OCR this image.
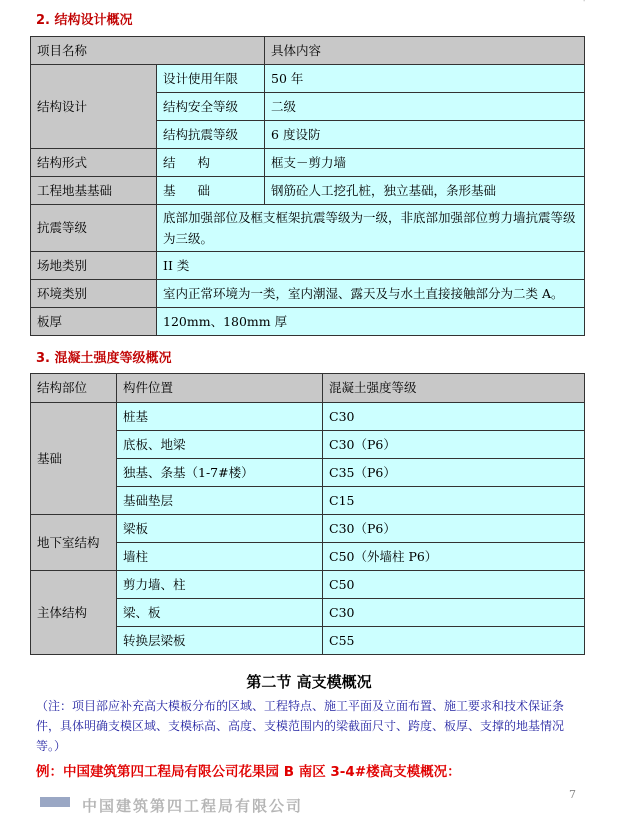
'
2. 结构设计概况
项目名称		具体内容
结构设计	设计使用年限	50 年
	结构安全等级	二级
	结构抗震等级	6 度设防
结构形式	结 构	框支－剪力墙
工程地基基础	基 础	钢筋砼人工挖孔桩，独立基础，条形基础
抗震等级	底部加强部位及框支框架抗震等级为一级，非底部加强部位剪力墙抗震等级为三级。	
场地类别	II 类	
环境类别	室内正常环境为一类，室内潮湿、露天及与水土直接接触部分为二类 A。	
板厚	120mm、180mm 厚	
3. 混凝土强度等级概况
结构部位	构件位置	混凝土强度等级
基础	桩基	C30
	底板、地梁	C30（P6）
	独基、条基（1-7#楼）	C35（P6）
	基础垫层	C15
地下室结构	梁板	C30（P6）
	墙柱	C50（外墙柱 P6）
主体结构	剪力墙、柱	C50
	梁、板	C30
	转换层梁板	C55
第二节 高支模概况
（注：项目部应补充高大模板分布的区域、工程特点、施工平面及立面布置、施工要求和技术保证条件，具体明确支模区域、支模标高、高度、支模范围内的梁截面尺寸、跨度、板厚、支撑的地基情况等。）
例：中国建筑第四工程局有限公司花果园 B 南区 3-4#楼高支模概况：
7
中国建筑第四工程局有限公司
